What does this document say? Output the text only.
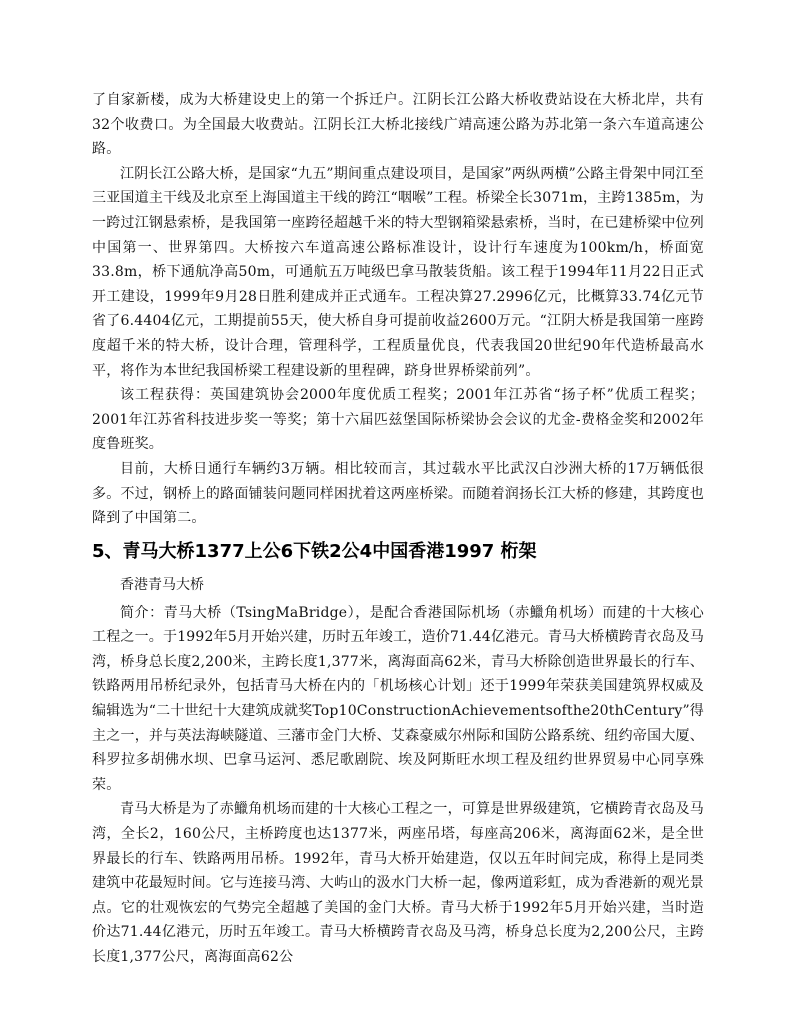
了自家新楼，成为大桥建设史上的第一个拆迁户。江阴长江公路大桥收费站设在大桥北岸，共有32个收费口。为全国最大收费站。江阴长江大桥北接线广靖高速公路为苏北第一条六车道高速公路。

江阴长江公路大桥，是国家“九五”期间重点建设项目，是国家”两纵两横”公路主骨架中同江至三亚国道主干线及北京至上海国道主干线的跨江“咽喉”工程。桥梁全长3071m，主跨1385m，为一跨过江钢悬索桥，是我国第一座跨径超越千米的特大型钢箱梁悬索桥，当时，在已建桥梁中位列中国第一、世界第四。大桥按六车道高速公路标准设计，设计行车速度为100km/h，桥面宽33.8m，桥下通航净高50m，可通航五万吨级巴拿马散装货船。该工程于1994年11月22日正式开工建设，1999年9月28日胜利建成并正式通车。工程决算27.2996亿元，比概算33.74亿元节省了6.4404亿元，工期提前55天，使大桥自身可提前收益2600万元。“江阴大桥是我国第一座跨度超千米的特大桥，设计合理，管理科学，工程质量优良，代表我国20世纪90年代造桥最高水平，将作为本世纪我国桥梁工程建设新的里程碑，跻身世界桥梁前列”。

该工程获得：英国建筑协会2000年度优质工程奖；2001年江苏省“扬子杯”优质工程奖；2001年江苏省科技进步奖一等奖；第十六届匹兹堡国际桥梁协会会议的尤金-费格金奖和2002年度鲁班奖。

目前，大桥日通行车辆约3万辆。相比较而言，其过载水平比武汉白沙洲大桥的17万辆低很多。不过，钢桥上的路面铺装问题同样困扰着这两座桥梁。而随着润扬长江大桥的修建，其跨度也降到了中国第二。

5、青马大桥1377上公6下铁2公4中国香港1997 桁架

香港青马大桥

简介：青马大桥（TsingMaBridge），是配合香港国际机场（赤鱲角机场）而建的十大核心工程之一。于1992年5月开始兴建，历时五年竣工，造价71.44亿港元。青马大桥横跨青衣岛及马湾，桥身总长度2,200米，主跨长度1,377米，离海面高62米，青马大桥除创造世界最长的行车、铁路两用吊桥纪录外，包括青马大桥在内的「机场核心计划」还于1999年荣获美国建筑界权威及编辑选为“二十世纪十大建筑成就奖Top10ConstructionAchievementsofthe20thCentury”得主之一，并与英法海峡隧道、三藩市金门大桥、艾森豪威尔州际和国防公路系统、纽约帝国大厦、科罗拉多胡佛水坝、巴拿马运河、悉尼歌剧院、埃及阿斯旺水坝工程及纽约世界贸易中心同享殊荣。

青马大桥是为了赤鱲角机场而建的十大核心工程之一，可算是世界级建筑，它横跨青衣岛及马湾，全长2，160公尺，主桥跨度也达1377米，两座吊塔，每座高206米，离海面62米，是全世界最长的行车、铁路两用吊桥。1992年，青马大桥开始建造，仅以五年时间完成，称得上是同类建筑中花最短时间。它与连接马湾、大屿山的汲水门大桥一起，像两道彩虹，成为香港新的观光景点。它的壮观恢宏的气势完全超越了美国的金门大桥。青马大桥于1992年5月开始兴建，当时造价达71.44亿港元，历时五年竣工。青马大桥横跨青衣岛及马湾，桥身总长度为2,200公尺，主跨长度1,377公尺，离海面高62公
